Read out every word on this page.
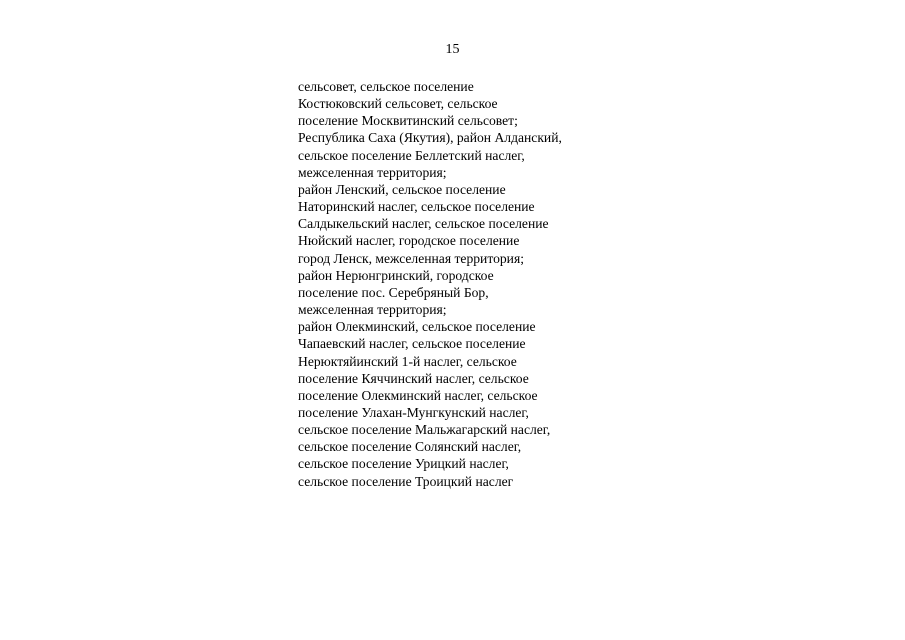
15
сельсовет, сельское поселение
Костюковский сельсовет, сельское
поселение Москвитинский сельсовет;
Республика Саха (Якутия), район Алданский,
сельское поселение Беллетский наслег,
межселенная территория;
район Ленский, сельское поселение
Наторинский наслег, сельское поселение
Салдыкельский наслег, сельское поселение
Нюйский наслег, городское поселение
город Ленск, межселенная территория;
район Нерюнгринский, городское
поселение пос. Серебряный Бор,
межселенная территория;
район Олекминский, сельское поселение
Чапаевский наслег, сельское поселение
Нерюктяйинский 1-й наслег, сельское
поселение Кяччинский наслег, сельское
поселение Олекминский наслег, сельское
поселение Улахан-Мунгкунский наслег,
сельское поселение Мальжагарский наслег,
сельское поселение Солянский наслег,
сельское поселение Урицкий наслег,
сельское поселение Троицкий наслег
